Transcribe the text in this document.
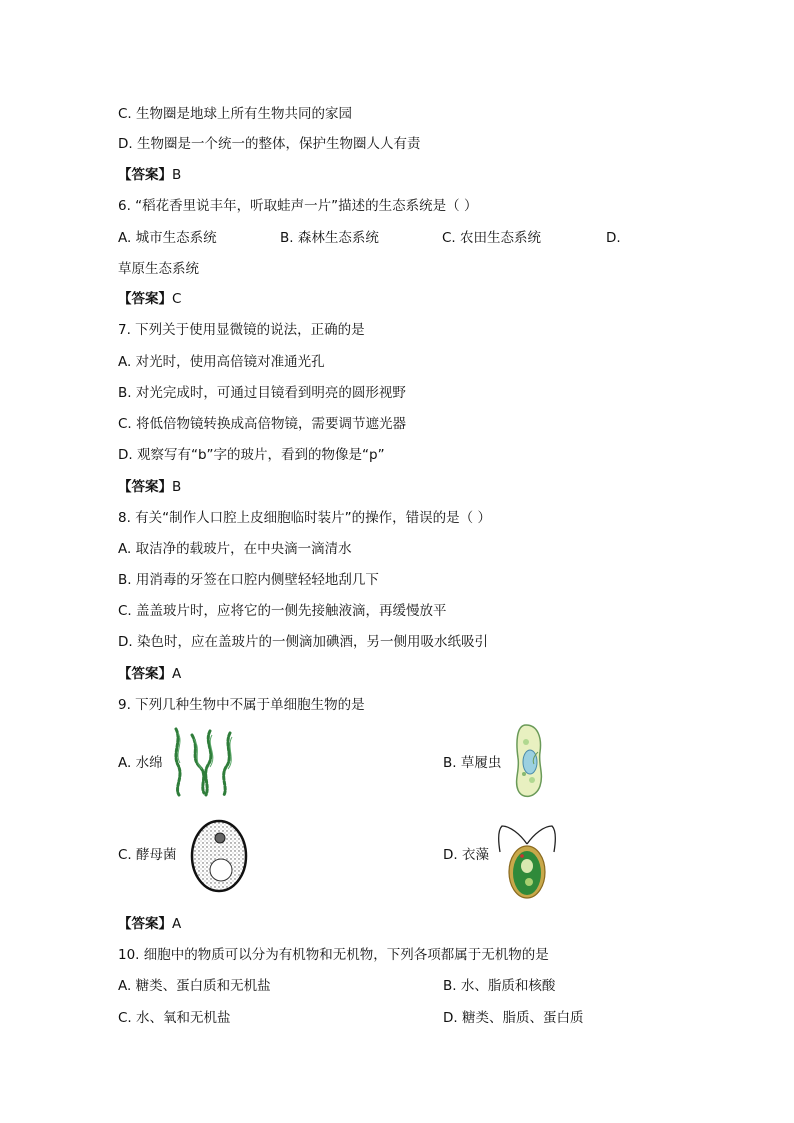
C. 生物圈是地球上所有生物共同的家园
D. 生物圈是一个统一的整体，保护生物圈人人有责
【答案】B
6. “稻花香里说丰年，听取蛙声一片”描述的生态系统是（ ）
A. 城市生态系统	B. 森林生态系统	C. 农田生态系统	D.
草原生态系统
【答案】C
7. 下列关于使用显微镜的说法，正确的是
A. 对光时，使用高倍镜对准通光孔
B. 对光完成时，可通过目镜看到明亮的圆形视野
C. 将低倍物镜转换成高倍物镜，需要调节遮光器
D. 观察写有“b”字的玻片，看到的物像是“p”
【答案】B
8. 有关“制作人口腔上皮细胞临时装片”的操作，错误的是（ ）
A. 取洁净的载玻片，在中央滴一滴清水
B. 用消毒的牙签在口腔内侧壁轻轻地刮几下
C. 盖盖玻片时，应将它的一侧先接触液滴，再缓慢放平
D. 染色时，应在盖玻片的一侧滴加碘酒，另一侧用吸水纸吸引
【答案】A
9. 下列几种生物中不属于单细胞生物的是
A. 水绵	B. 草履虫
C. 酵母菌	D. 衣藻
【答案】A
10. 细胞中的物质可以分为有机物和无机物，下列各项都属于无机物的是
A. 糖类、蛋白质和无机盐	B. 水、脂质和核酸
C. 水、氧和无机盐	D. 糖类、脂质、蛋白质
